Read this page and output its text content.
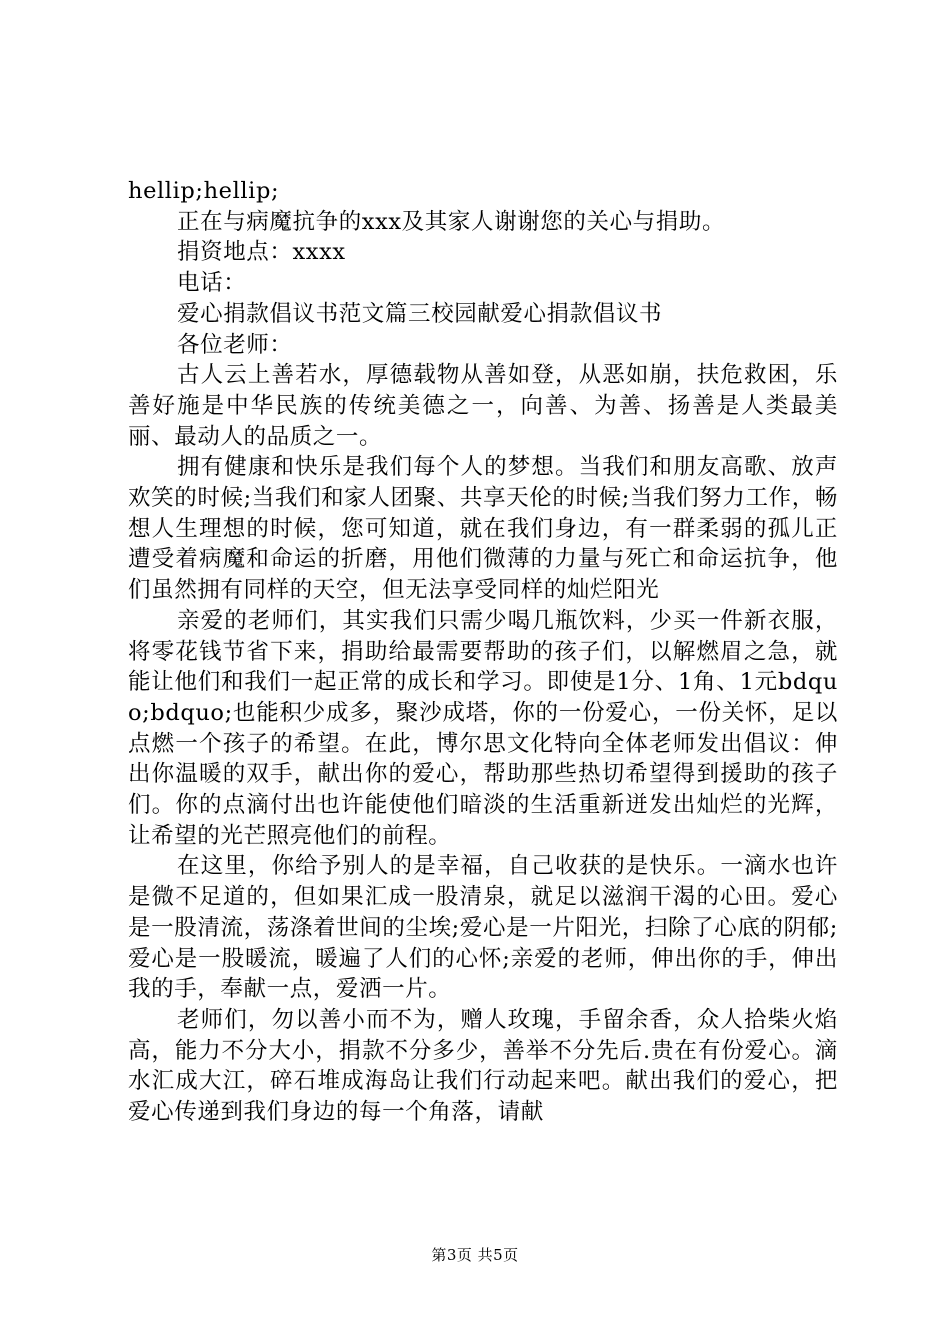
hellip;hellip;

正在与病魔抗争的xxx及其家人谢谢您的关心与捐助。

捐资地点：xxxx

电话：

爱心捐款倡议书范文篇三校园献爱心捐款倡议书

各位老师：

古人云上善若水，厚德载物从善如登，从恶如崩，扶危救困，乐善好施是中华民族的传统美德之一，向善、为善、扬善是人类最美丽、最动人的品质之一。

拥有健康和快乐是我们每个人的梦想。当我们和朋友高歌、放声欢笑的时候;当我们和家人团聚、共享天伦的时候;当我们努力工作，畅想人生理想的时候，您可知道，就在我们身边，有一群柔弱的孤儿正遭受着病魔和命运的折磨，用他们微薄的力量与死亡和命运抗争，他们虽然拥有同样的天空，但无法享受同样的灿烂阳光

亲爱的老师们，其实我们只需少喝几瓶饮料，少买一件新衣服，将零花钱节省下来，捐助给最需要帮助的孩子们，以解燃眉之急，就能让他们和我们一起正常的成长和学习。即使是1分、1角、1元bdquo;bdquo;也能积少成多，聚沙成塔，你的一份爱心，一份关怀，足以点燃一个孩子的希望。在此，博尔思文化特向全体老师发出倡议：伸出你温暖的双手，献出你的爱心，帮助那些热切希望得到援助的孩子们。你的点滴付出也许能使他们暗淡的生活重新迸发出灿烂的光辉，让希望的光芒照亮他们的前程。

在这里，你给予别人的是幸福，自己收获的是快乐。一滴水也许是微不足道的，但如果汇成一股清泉，就足以滋润干渴的心田。爱心是一股清流，荡涤着世间的尘埃;爱心是一片阳光，扫除了心底的阴郁;爱心是一股暖流，暖遍了人们的心怀;亲爱的老师，伸出你的手，伸出我的手，奉献一点，爱洒一片。

老师们，勿以善小而不为，赠人玫瑰，手留余香，众人拾柴火焰高，能力不分大小，捐款不分多少，善举不分先后.贵在有份爱心。滴水汇成大江，碎石堆成海岛让我们行动起来吧。献出我们的爱心，把爱心传递到我们身边的每一个角落，请献

第3页 共5页
